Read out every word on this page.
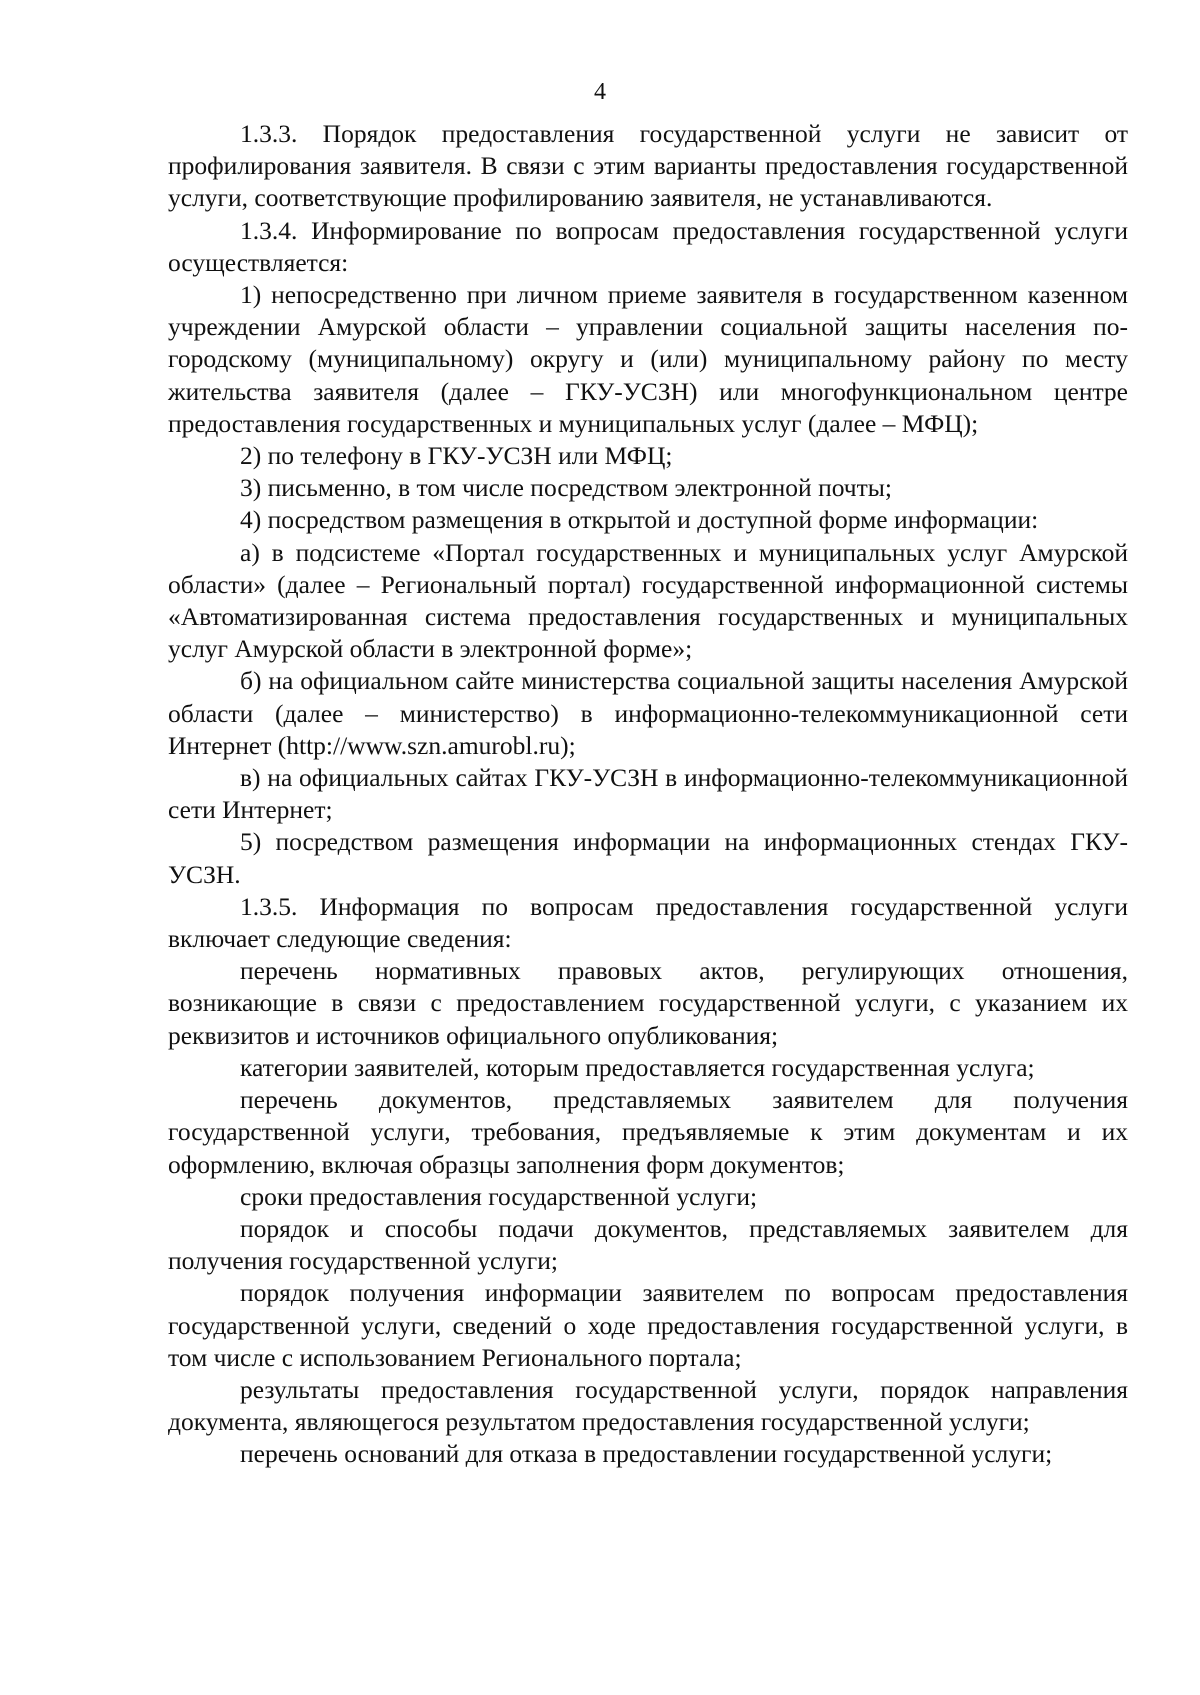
4

1.3.3. Порядок предоставления государственной услуги не зависит от профилирования заявителя. В связи с этим варианты предоставления государственной услуги, соответствующие профилированию заявителя, не устанавливаются.

1.3.4. Информирование по вопросам предоставления государственной услуги осуществляется:

1) непосредственно при личном приеме заявителя в государственном казенном учреждении Амурской области – управлении социальной защиты населения по-городскому (муниципальному) округу и (или) муниципальному району по месту жительства заявителя (далее – ГКУ-УСЗН) или многофункциональном центре предоставления государственных и муниципальных услуг (далее – МФЦ);

2) по телефону в ГКУ-УСЗН или МФЦ;

3) письменно, в том числе посредством электронной почты;

4) посредством размещения в открытой и доступной форме информации:

а) в подсистеме «Портал государственных и муниципальных услуг Амурской области» (далее – Региональный портал) государственной информационной системы «Автоматизированная система предоставления государственных и муниципальных услуг Амурской области в электронной форме»;

б) на официальном сайте министерства социальной защиты населения Амурской области (далее – министерство) в информационно-телекоммуникационной сети Интернет (http://www.szn.amurobl.ru);

в) на официальных сайтах ГКУ-УСЗН в информационно-телекоммуникационной сети Интернет;

5) посредством размещения информации на информационных стендах ГКУ-УСЗН.

1.3.5. Информация по вопросам предоставления государственной услуги включает следующие сведения:

перечень нормативных правовых актов, регулирующих отношения, возникающие в связи с предоставлением государственной услуги, с указанием их реквизитов и источников официального опубликования;

категории заявителей, которым предоставляется государственная услуга;

перечень документов, представляемых заявителем для получения государственной услуги, требования, предъявляемые к этим документам и их оформлению, включая образцы заполнения форм документов;

сроки предоставления государственной услуги;

порядок и способы подачи документов, представляемых заявителем для получения государственной услуги;

порядок получения информации заявителем по вопросам предоставления государственной услуги, сведений о ходе предоставления государственной услуги, в том числе с использованием Регионального портала;

результаты предоставления государственной услуги, порядок направления документа, являющегося результатом предоставления государственной услуги;

перечень оснований для отказа в предоставлении государственной услуги;
